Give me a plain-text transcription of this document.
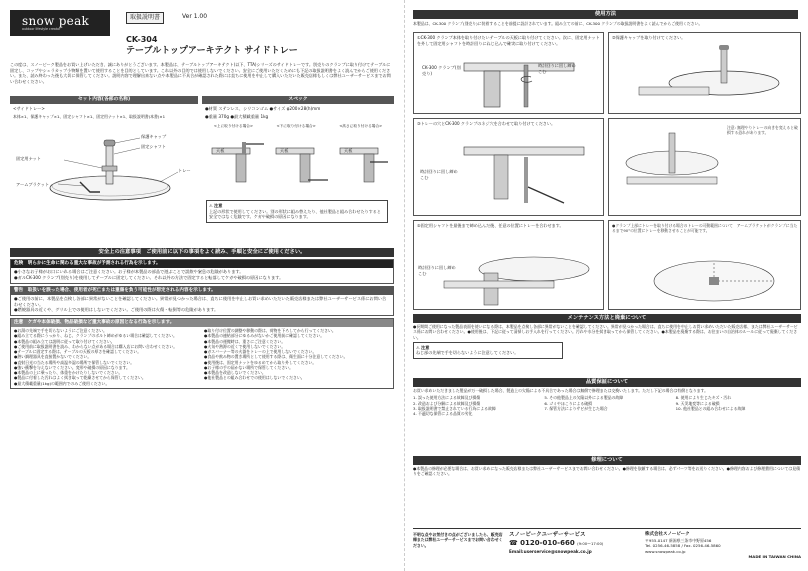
snow peak
outdoor lifestyle creator
取扱説明書	Ver 1.00
CK-304
テーブルトップアーキテクト サイドトレー
この度は、スノーピーク製品をお買い上げいただき、誠にありがとうございます。本製品は、テーブルトップアーキテクト(以下、TTA)シリーズのサイドトレーです。別売りのクランプに取り付けてテーブルに固定し、コップやシェラカップ小物類を置いて使用することを目的としています。これ以外の目的では使用しないでください。安全にご使用いただくためにも下記の取扱説明書をよく読んでからご使用ください。また、読み終わった後も大切に保管してください。説明内容で理解出来ない点や本製品に不具合が確認された際には直ちに使用を中止して購入いただいた販売店様もしくは弊社ユーザーサービスまでお問い合わせください。
セット内容(各部の名称)
<サイドトレー>
本体×1、保護キャップ×1、固定シャフト×1、固定用ナット×1、取扱説明書(本書)×1
保護キャップ
固定シャフト
固定用ナット
トレー
アームブラケット
スペック
●材質 ステンレス、シリコンゴム ●サイズ φ200×28(h)mm
●重量 370g ●最大積載重量 1kg
<上に取り付ける場合>	<下に取り付ける場合>	<高さに取り付ける場合>
天板	天板	天板
⚠ 注意
上記の形状で使用してください。別の形状に組み替えたり、他社製品と組み合わせたりすると安全ではなく危険です。ケガや破損の原因になります。
安全上の注意事項　ご使用前に以下の事項をよく読み、手順と安全にご使用ください。
危険　明らかに生命に関わる重大な事故が予測される行為を示します。
●小さなお子様がお口にいれる場合はご注意ください。お子様が本製品の部品で遊ぶことで誤飲や窒息の危険があります。
●ガルCK-300 クランプ(別売り)を使用してテーブルに固定してください。それ以外の方法で固定すると転落してケガや破損の原因になります。
警告　取扱いを誤った場合、使用者が死亡または重傷を負う可能性が想定される内容を示します。
●ご使用の前に、本製品を点検し各部に異常がないことを確認してください。異常が見つかった場合は、直ちに使用を中止しお買い求めいただいた販売店様または弊社ユーザーサービス係にお問い合わせください。
●燃焼器具の近くや、グリル上での使用はしないでください。ご使用の際は火傷・転倒等の危険があります。
注意　ケガや本体破損、物品破損など重大事故の原因となる行為を示します。
●お湯の先端で手を切らないようにご注意ください。
●組み立てる際にうっかり、ねじ、クランプのボルト締めがゆるい場合は確認してください。
●本製品の組み立ては説明に従って取り付けてください。
●ご使用前に取扱説明書を読み、わからない点がある場合は購入店にお問い合わせください。
●テーブルに固定する際は、テーブルの天板の厚さを確認してください。
●熱い調理器具を直接置かないでください。
●直射日光の当たる場所や高温多湿の場所で保管しないでください。
●強い衝撃を与えないでください。変形や破損の原因になります。
●本製品の上に乗ったり、体重をかけたりしないでください。
●製品に付着した汚れはよく拭き取って乾燥させてから保管してください。
●最大積載重量(1kg)の範囲内でのみご使用ください。
●取り付け位置の調整や移動の際は、荷物を下ろしてから行ってください。
●本製品の連結部分にゆるみがないかご使用前に確認してください。
●本製品の運搬時は、重さにご注意ください。
●火気や熱源の近くで使用しないでください。
●ガスバーナー等の火器をトレーの上で使用しないでください。
●食品や飲み物の置き場所として使用する際は、衛生面に十分注意してください。
●使用後は、固定用ナットをゆるめてから取り外してください。
●お子様の手の届かない場所で保管してください。
●本製品を改造しないでください。
●他社製品との組み合わせでの使用はしないでください。
使用方法
本製品は、CK-300 クランプ(別売り)に装着することを前提に設計されています。組み立ての前に、CK-300 クランプの取扱説明書をよく読んでからご使用ください。
①CK-300 クランプ本体を取り付けたいテーブルの天板に取り付けてください。次に、固定用ナットを外して固定用シャフトを時計回りにねじ込んで確実に取り付けてください。
CK-300 クランプ(別売り)
時計回りに回し締めこむ
②保護キャップを取り付けてください。
③トレーの穴とCK-300 クランプのネジ穴を合わせて取り付けてください。
時計回りに回し締めこむ
注意: 無理やりトレーの向きを変えると破損する恐れがあります。
⑤固定用シャフトを最後まで締め込んだ後、任意の位置にトレーを合わせます。
時計回りに回し締めこむ
●クランプ上部にトレーを取り付ける場合のトレーの可動範囲について　アームブラケットがクランプに当たるまで90°の位置にトレーを移動させることが可能です。
メンテナンス方法と廃棄について
●長期間ご使用になった製品表面を使いになる際は、本製品を点検し各部に異常がないことを確認してください。異常が見つかった場合は、直ちに使用を中止しお買い求めいただいた販売店様、または弊社ユーザーサービス係にお問い合わせください。●使用後は、下記に従って清掃しお手入れを行ってください。汚れや水分を拭き取ってから保管してください。●本製品を廃棄する際は、お住まいの自治体のルールに従って廃棄してください。
⚠ 注意
ねじ部の先端で手を切らないように注意してください。
品質保証について
お買い求めいただきました製品が万一破損した場合、製造上の欠陥による不具合であった場合は無償で修理または交換いたします。ただし下記の場合は有償となります。
1. 誤った使用方法による故障及び損傷	5. その他製品上の欠陥以外による製品の故障	8. 使用により生じたキズ・汚れ
2. 改造および分解による故障及び損傷	6. ゴミやほこりによる破損	9. 天災地変等による破損
3. 取扱説明書で禁止されている行為による故障	7. 保管方法によりサビが生じた場合	10. 他社製品との組み合わせによる故障
4. 不適切な保管による品質の劣化
修理について
●本製品の修理が必要な場合は、お買い求めになった販売店様または弊社ユーザーサービスまでお問い合わせください。●修理を依頼する場合は、必ずパーツ等をお送りください。●修理内容および修理費用については見積りをご確認ください。
不明な点やお気付きの点がございましたら、販売店様または弊社ユーザーサービスまでお問い合わせください。
スノーピークユーザーサービス
☎ 0120-010-660 (9:00〜17:00)
Email:userservice@snowpeak.co.jp
株式会社スノーピーク
〒955-0147 新潟県三条市中野原456
Tel. 0256-46-5858 / Fax. 0256-46-5860
www.snowpeak.co.jp
MADE IN TAIWAN CHINA
